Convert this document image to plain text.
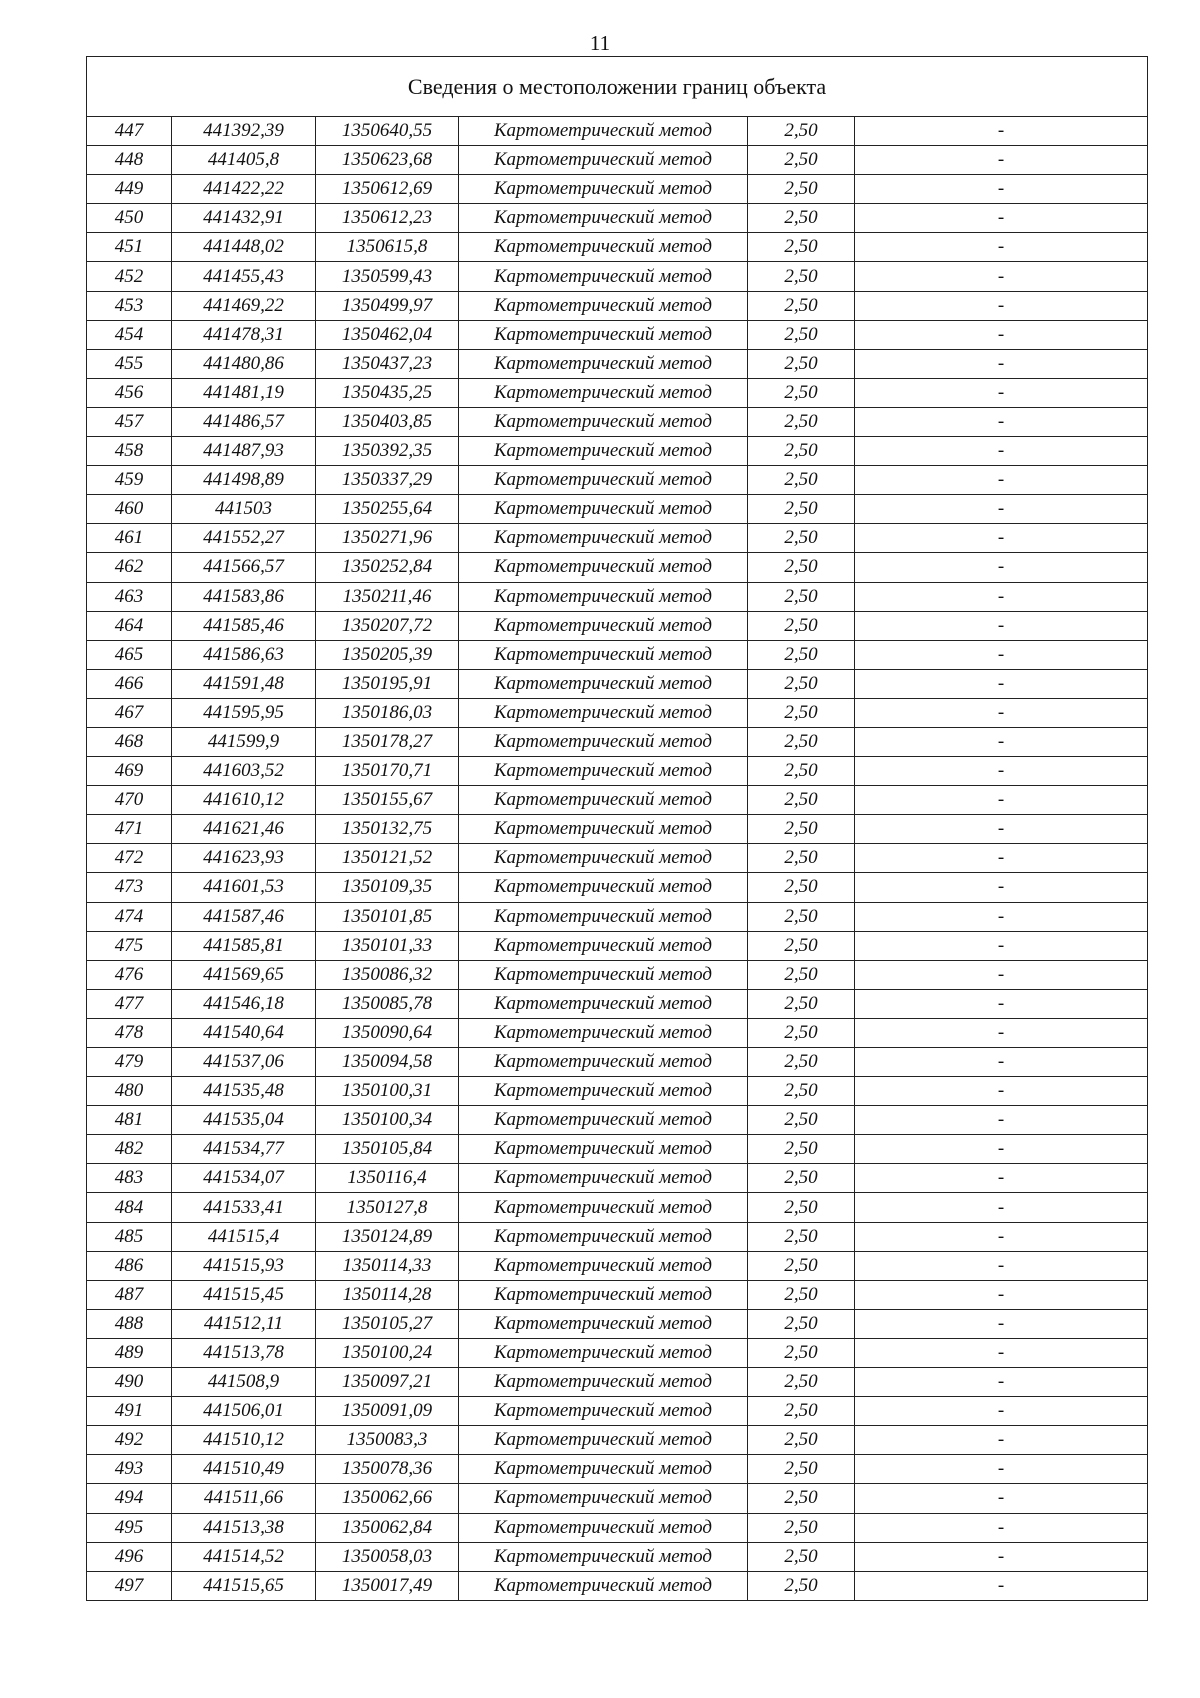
11
Сведения о местоположении границ объекта					
447	441392,39	1350640,55	Картометрический метод	2,50	-
448	441405,8	1350623,68	Картометрический метод	2,50	-
449	441422,22	1350612,69	Картометрический метод	2,50	-
450	441432,91	1350612,23	Картометрический метод	2,50	-
451	441448,02	1350615,8	Картометрический метод	2,50	-
452	441455,43	1350599,43	Картометрический метод	2,50	-
453	441469,22	1350499,97	Картометрический метод	2,50	-
454	441478,31	1350462,04	Картометрический метод	2,50	-
455	441480,86	1350437,23	Картометрический метод	2,50	-
456	441481,19	1350435,25	Картометрический метод	2,50	-
457	441486,57	1350403,85	Картометрический метод	2,50	-
458	441487,93	1350392,35	Картометрический метод	2,50	-
459	441498,89	1350337,29	Картометрический метод	2,50	-
460	441503	1350255,64	Картометрический метод	2,50	-
461	441552,27	1350271,96	Картометрический метод	2,50	-
462	441566,57	1350252,84	Картометрический метод	2,50	-
463	441583,86	1350211,46	Картометрический метод	2,50	-
464	441585,46	1350207,72	Картометрический метод	2,50	-
465	441586,63	1350205,39	Картометрический метод	2,50	-
466	441591,48	1350195,91	Картометрический метод	2,50	-
467	441595,95	1350186,03	Картометрический метод	2,50	-
468	441599,9	1350178,27	Картометрический метод	2,50	-
469	441603,52	1350170,71	Картометрический метод	2,50	-
470	441610,12	1350155,67	Картометрический метод	2,50	-
471	441621,46	1350132,75	Картометрический метод	2,50	-
472	441623,93	1350121,52	Картометрический метод	2,50	-
473	441601,53	1350109,35	Картометрический метод	2,50	-
474	441587,46	1350101,85	Картометрический метод	2,50	-
475	441585,81	1350101,33	Картометрический метод	2,50	-
476	441569,65	1350086,32	Картометрический метод	2,50	-
477	441546,18	1350085,78	Картометрический метод	2,50	-
478	441540,64	1350090,64	Картометрический метод	2,50	-
479	441537,06	1350094,58	Картометрический метод	2,50	-
480	441535,48	1350100,31	Картометрический метод	2,50	-
481	441535,04	1350100,34	Картометрический метод	2,50	-
482	441534,77	1350105,84	Картометрический метод	2,50	-
483	441534,07	1350116,4	Картометрический метод	2,50	-
484	441533,41	1350127,8	Картометрический метод	2,50	-
485	441515,4	1350124,89	Картометрический метод	2,50	-
486	441515,93	1350114,33	Картометрический метод	2,50	-
487	441515,45	1350114,28	Картометрический метод	2,50	-
488	441512,11	1350105,27	Картометрический метод	2,50	-
489	441513,78	1350100,24	Картометрический метод	2,50	-
490	441508,9	1350097,21	Картометрический метод	2,50	-
491	441506,01	1350091,09	Картометрический метод	2,50	-
492	441510,12	1350083,3	Картометрический метод	2,50	-
493	441510,49	1350078,36	Картометрический метод	2,50	-
494	441511,66	1350062,66	Картометрический метод	2,50	-
495	441513,38	1350062,84	Картометрический метод	2,50	-
496	441514,52	1350058,03	Картометрический метод	2,50	-
497	441515,65	1350017,49	Картометрический метод	2,50	-
